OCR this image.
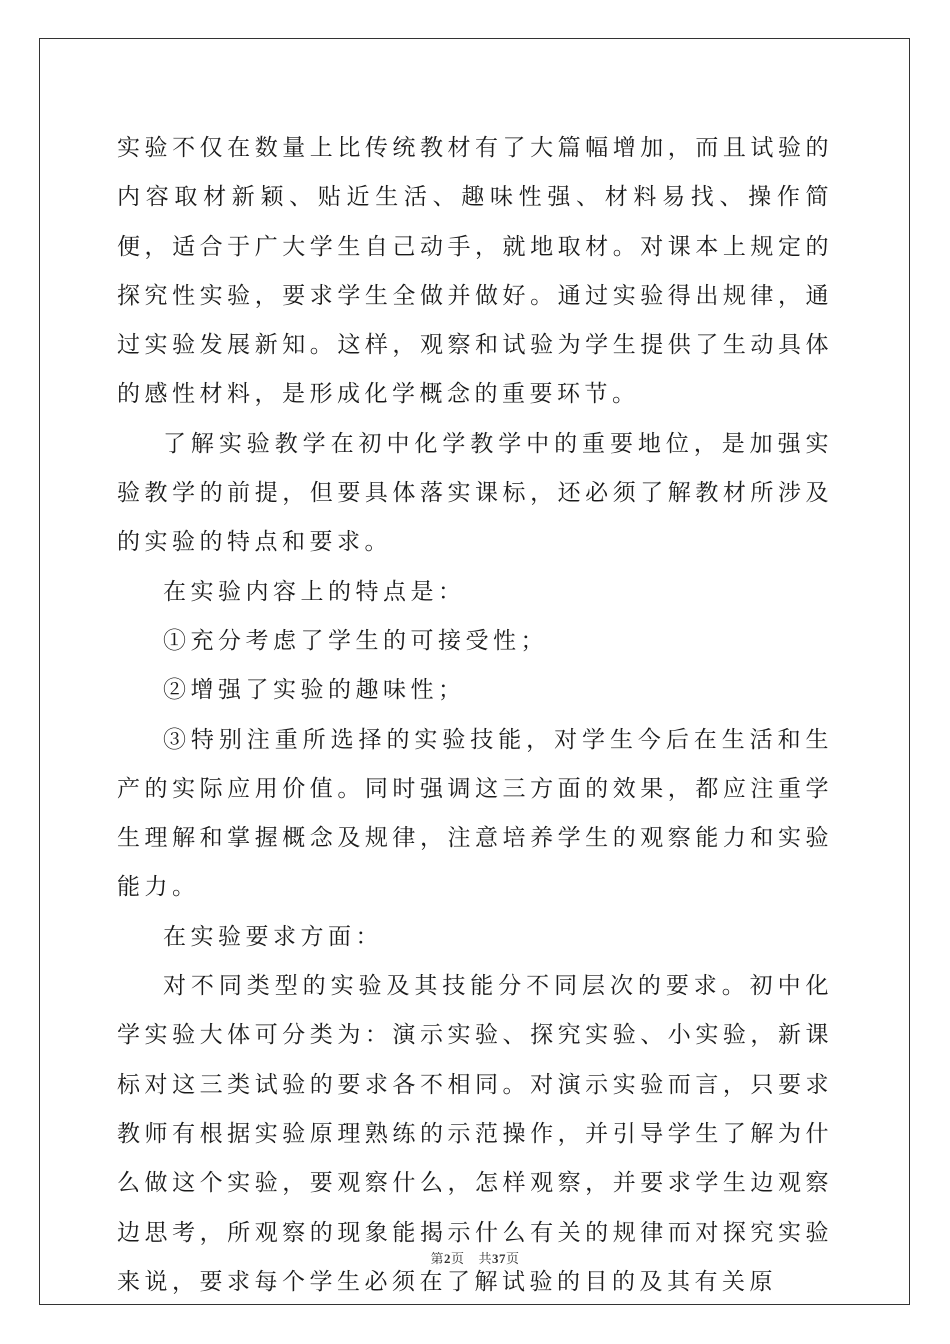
实验不仅在数量上比传统教材有了大篇幅增加，而且试验的内容取材新颖、贴近生活、趣味性强、材料易找、操作简便，适合于广大学生自己动手，就地取材。对课本上规定的探究性实验，要求学生全做并做好。通过实验得出规律，通过实验发展新知。这样，观察和试验为学生提供了生动具体的感性材料，是形成化学概念的重要环节。

了解实验教学在初中化学教学中的重要地位，是加强实验教学的前提，但要具体落实课标，还必须了解教材所涉及的实验的特点和要求。

在实验内容上的特点是：

①充分考虑了学生的可接受性；

②增强了实验的趣味性；

③特别注重所选择的实验技能，对学生今后在生活和生产的实际应用价值。同时强调这三方面的效果，都应注重学生理解和掌握概念及规律，注意培养学生的观察能力和实验能力。

在实验要求方面：

对不同类型的实验及其技能分不同层次的要求。初中化学实验大体可分类为：演示实验、探究实验、小实验，新课标对这三类试验的要求各不相同。对演示实验而言，只要求教师有根据实验原理熟练的示范操作，并引导学生了解为什么做这个实验，要观察什么，怎样观察，并要求学生边观察边思考，所观察的现象能揭示什么有关的规律而对探究实验来说，要求每个学生必须在了解试验的目的及其有关原

第2页 共37页
